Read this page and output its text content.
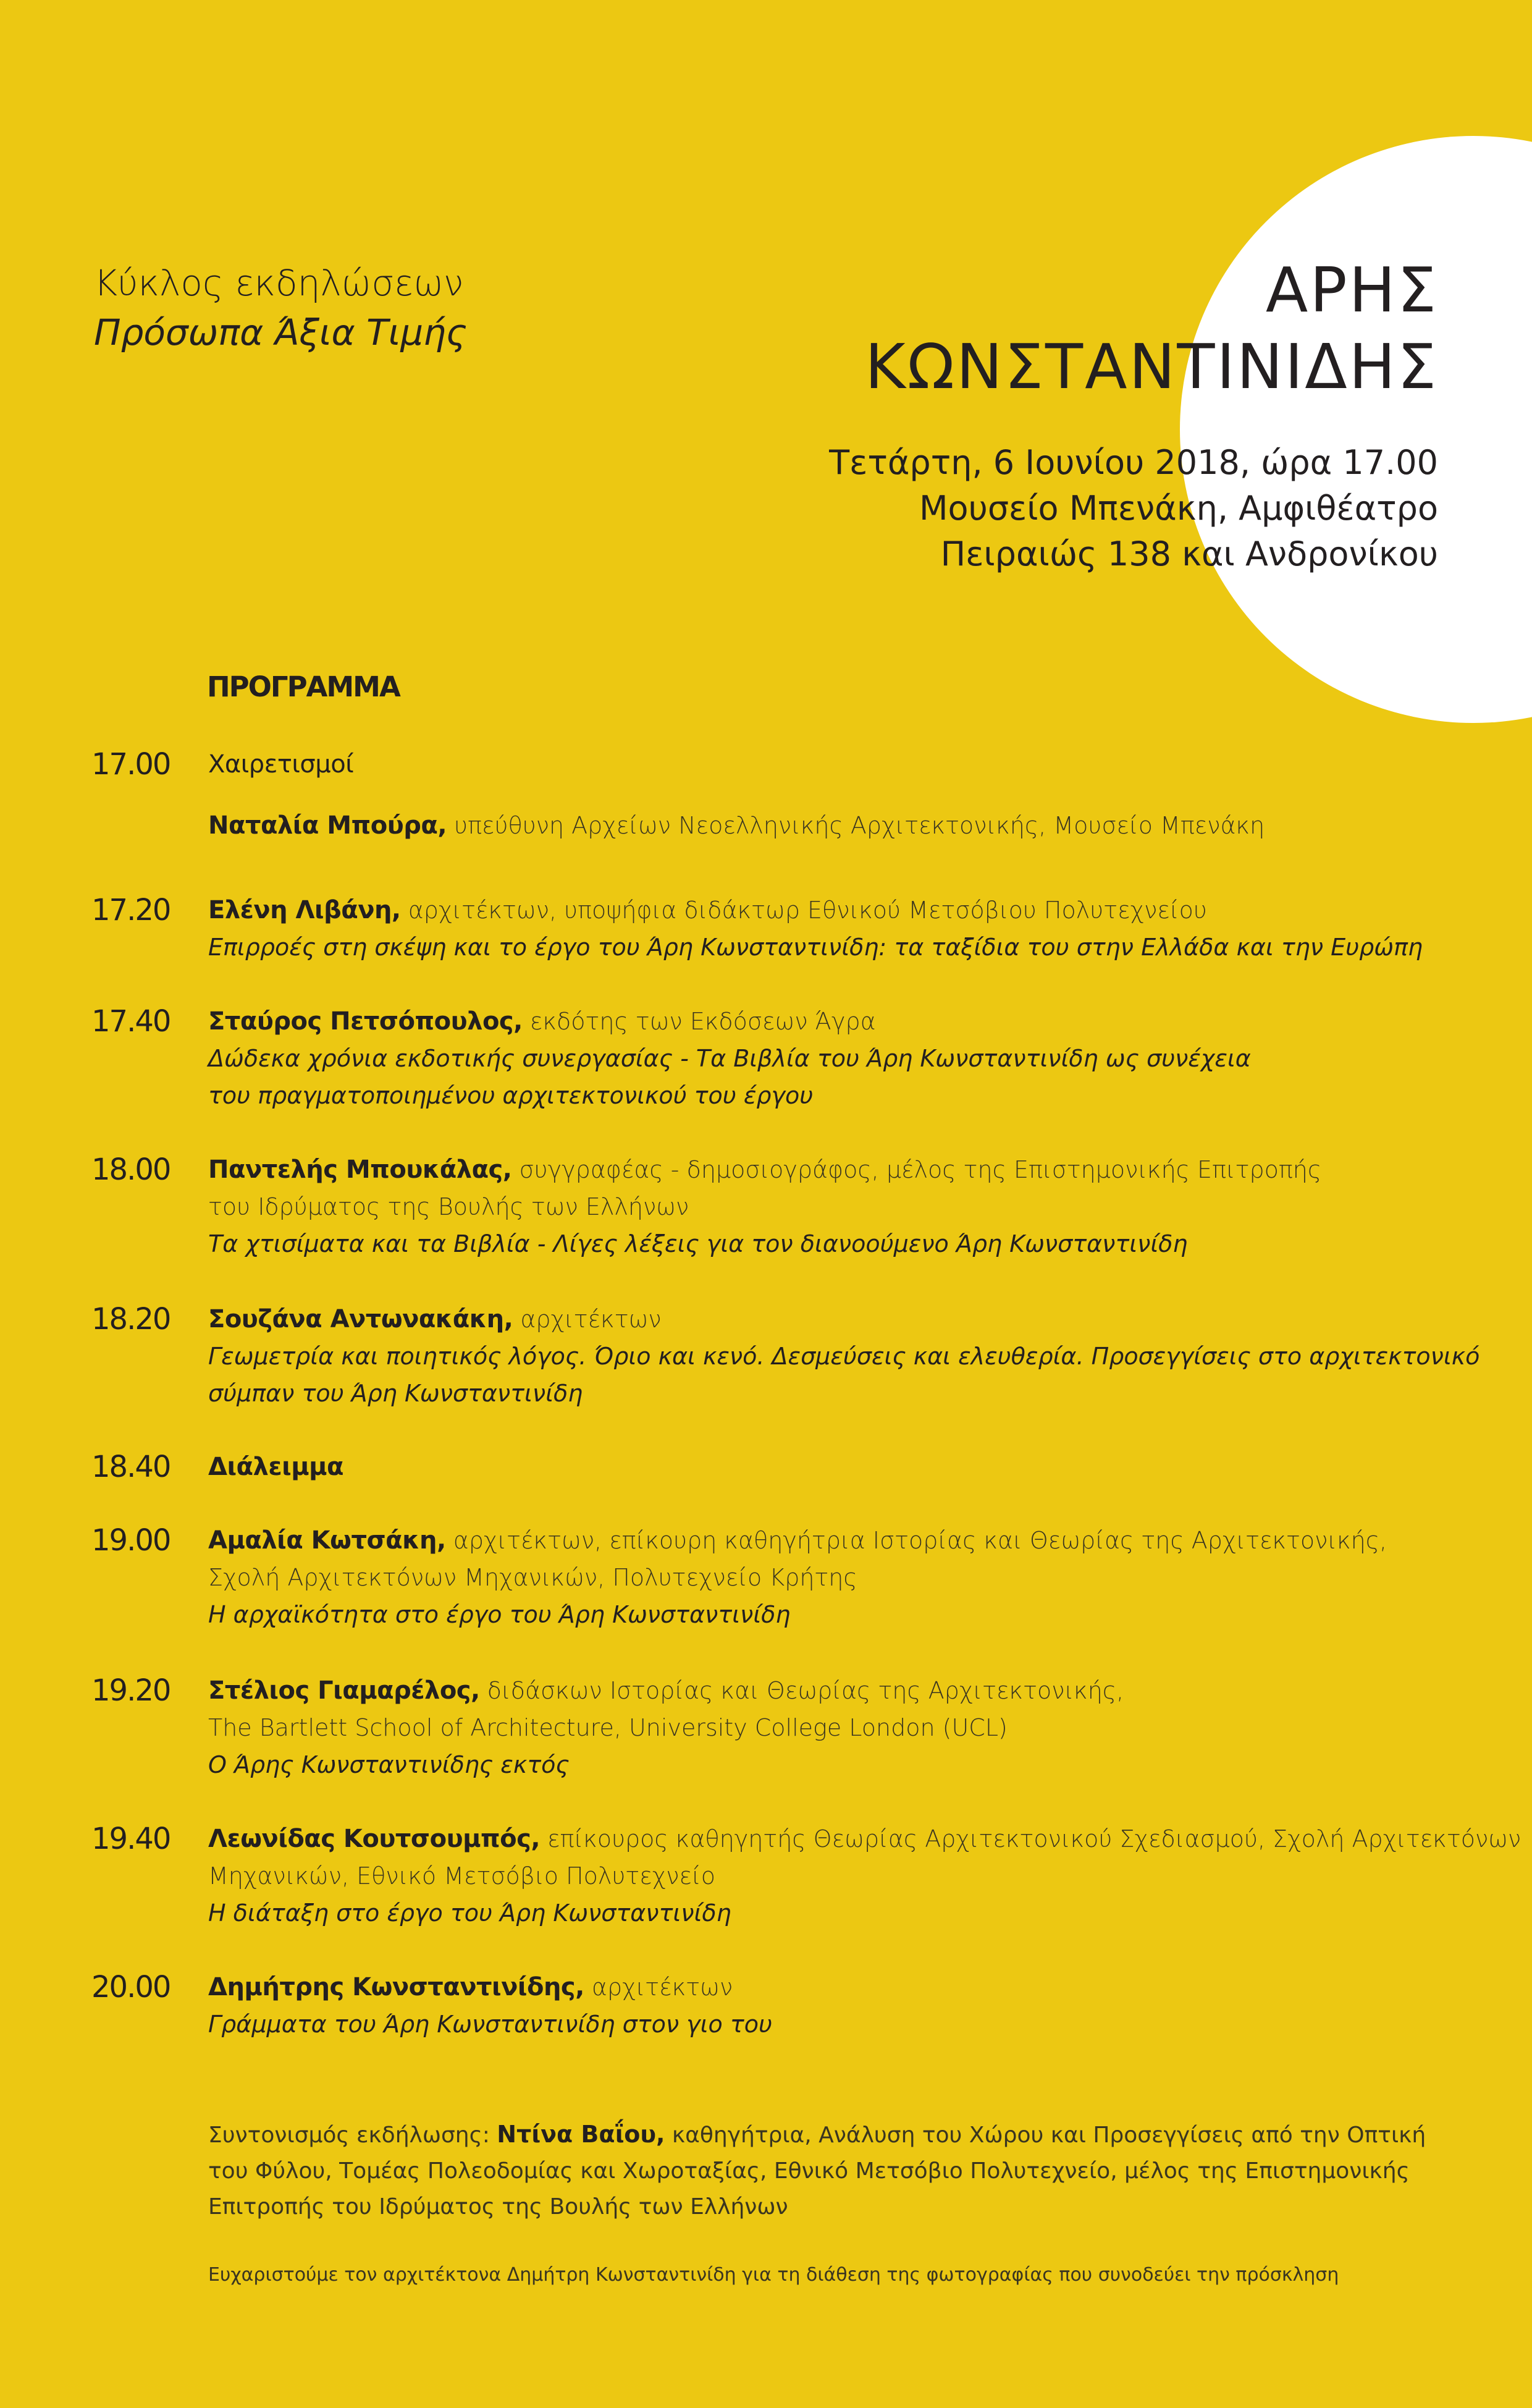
Κύκλος εκδηλώσεων
Πρόσωπα Άξια Τιμής
ΑΡΗΣ
ΚΩΝΣΤΑΝΤΙΝΙΔΗΣ
Τετάρτη, 6 Ιουνίου 2018, ώρα 17.00
Μουσείο Μπενάκη, Αμφιθέατρο
Πειραιώς 138 και Ανδρονίκου
ΠΡΟΓΡΑΜΜΑ
17.00 Χαιρετισμοί
Ναταλία Μπούρα, υπεύθυνη Αρχείων Νεοελληνικής Αρχιτεκτονικής, Μουσείο Μπενάκη
17.20 Ελένη Λιβάνη, αρχιτέκτων, υποψήφια διδάκτωρ Εθνικού Μετσόβιου Πολυτεχνείου
Επιρροές στη σκέψη και το έργο του Άρη Κωνσταντινίδη: τα ταξίδια του στην Ελλάδα και την Ευρώπη
17.40 Σταύρος Πετσόπουλος, εκδότης των Εκδόσεων Άγρα
Δώδεκα χρόνια εκδοτικής συνεργασίας - Τα Βιβλία του Άρη Κωνσταντινίδη ως συνέχεια
του πραγματοποιημένου αρχιτεκτονικού του έργου
18.00 Παντελής Μπουκάλας, συγγραφέας - δημοσιογράφος, μέλος της Επιστημονικής Επιτροπής
του Ιδρύματος της Βουλής των Ελλήνων
Τα χτισίματα και τα Βιβλία - Λίγες λέξεις για τον διανοούμενο Άρη Κωνσταντινίδη
18.20 Σουζάνα Αντωνακάκη, αρχιτέκτων
Γεωμετρία και ποιητικός λόγος. Όριο και κενό. Δεσμεύσεις και ελευθερία. Προσεγγίσεις στο αρχιτεκτονικό
σύμπαν του Άρη Κωνσταντινίδη
18.40 Διάλειμμα
19.00 Αμαλία Κωτσάκη, αρχιτέκτων, επίκουρη καθηγήτρια Ιστορίας και Θεωρίας της Αρχιτεκτονικής,
Σχολή Αρχιτεκτόνων Μηχανικών, Πολυτεχνείο Κρήτης
Η αρχαϊκότητα στο έργο του Άρη Κωνσταντινίδη
19.20 Στέλιος Γιαμαρέλος, διδάσκων Ιστορίας και Θεωρίας της Αρχιτεκτονικής,
The Bartlett School of Architecture, University College London (UCL)
Ο Άρης Κωνσταντινίδης εκτός
19.40 Λεωνίδας Κουτσουμπός, επίκουρος καθηγητής Θεωρίας Αρχιτεκτονικού Σχεδιασμού, Σχολή Αρχιτεκτόνων
Μηχανικών, Εθνικό Μετσόβιο Πολυτεχνείο
Η διάταξη στο έργο του Άρη Κωνσταντινίδη
20.00 Δημήτρης Κωνσταντινίδης, αρχιτέκτων
Γράμματα του Άρη Κωνσταντινίδη στον γιο του
Συντονισμός εκδήλωσης: Ντίνα Βαΐου, καθηγήτρια, Ανάλυση του Χώρου και Προσεγγίσεις από την Οπτική
του Φύλου, Τομέας Πολεοδομίας και Χωροταξίας, Εθνικό Μετσόβιο Πολυτεχνείο, μέλος της Επιστημονικής
Επιτροπής του Ιδρύματος της Βουλής των Ελλήνων
Ευχαριστούμε τον αρχιτέκτονα Δημήτρη Κωνσταντινίδη για τη διάθεση της φωτογραφίας που συνοδεύει την πρόσκληση
